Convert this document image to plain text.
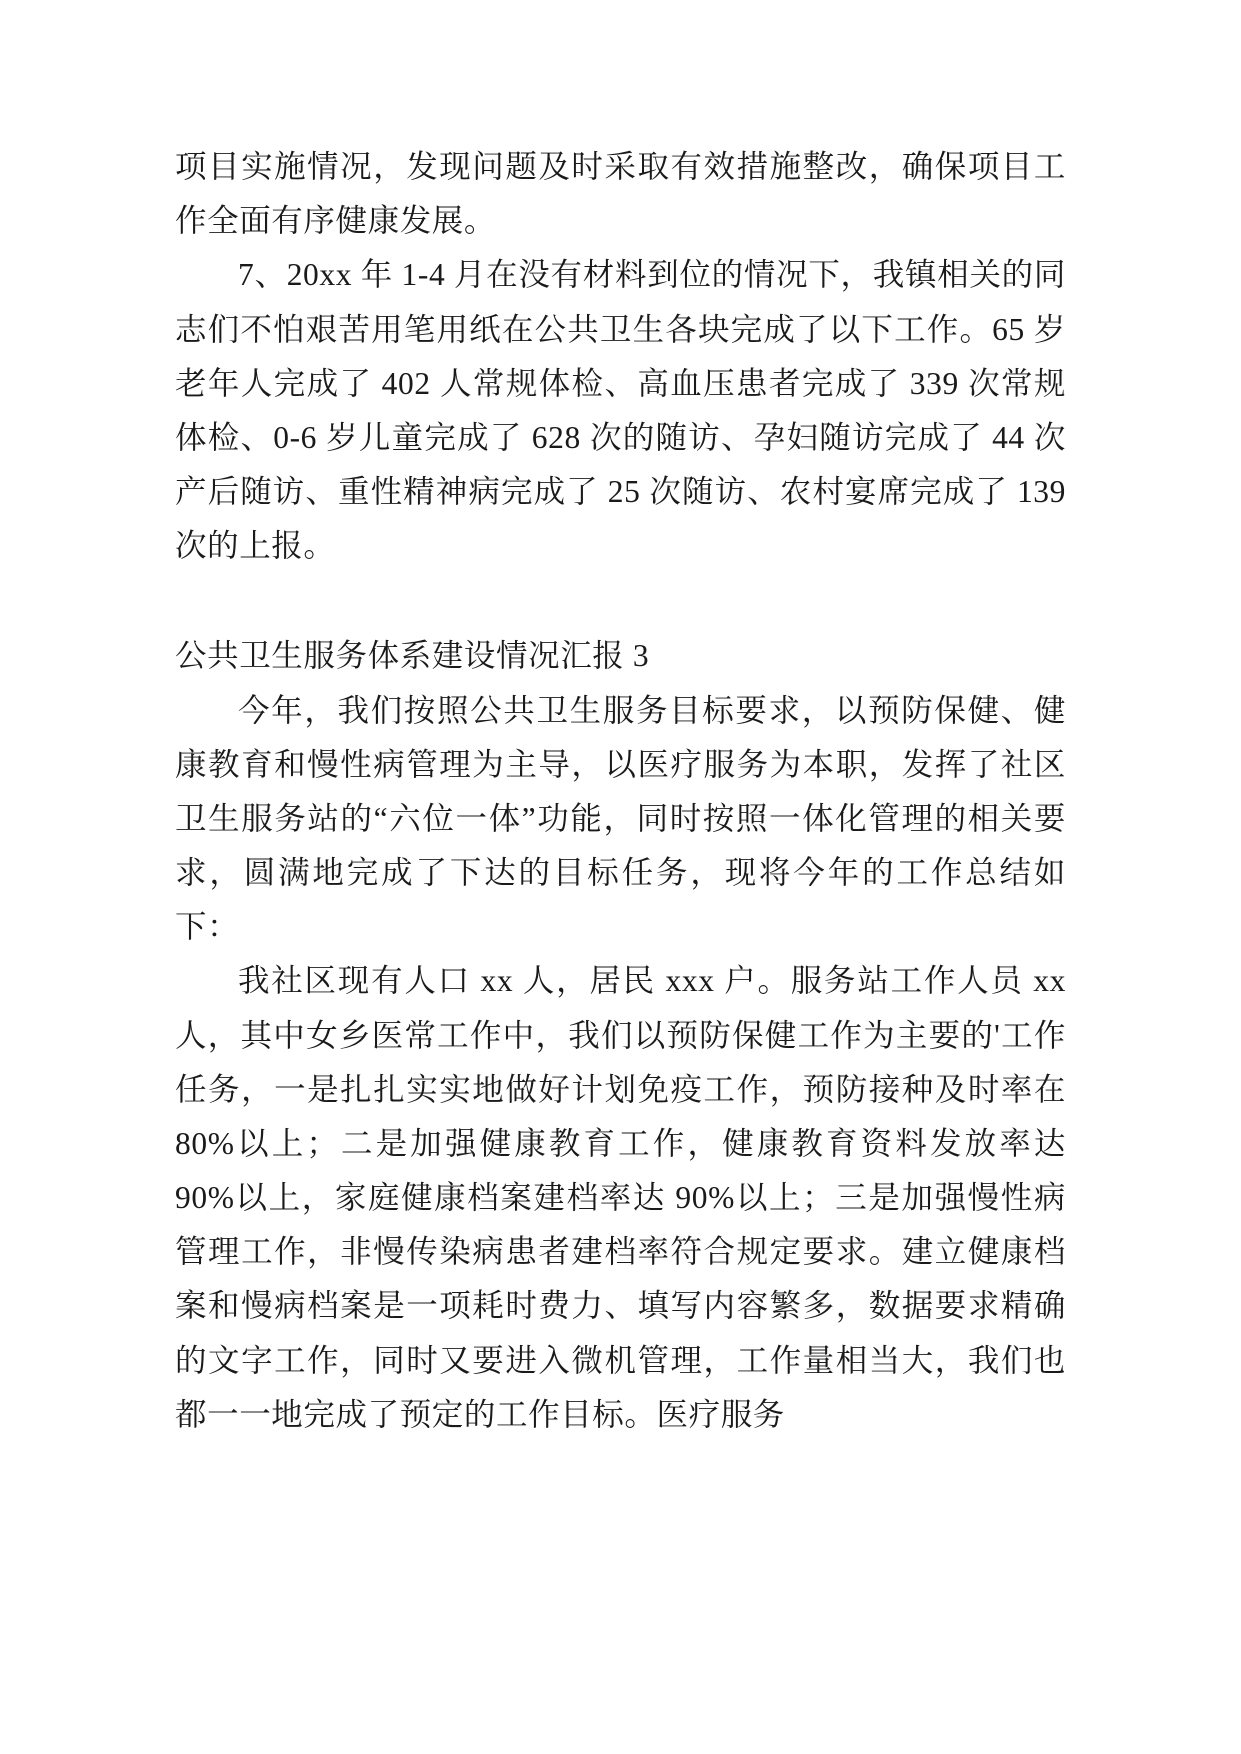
项目实施情况，发现问题及时采取有效措施整改，确保项目工作全面有序健康发展。

7、20xx 年 1-4 月在没有材料到位的情况下，我镇相关的同志们不怕艰苦用笔用纸在公共卫生各块完成了以下工作。65 岁老年人完成了 402 人常规体检、高血压患者完成了 339 次常规体检、0-6 岁儿童完成了 628 次的随访、孕妇随访完成了 44 次产后随访、重性精神病完成了 25 次随访、农村宴席完成了 139 次的上报。

公共卫生服务体系建设情况汇报 3

今年，我们按照公共卫生服务目标要求，以预防保健、健康教育和慢性病管理为主导，以医疗服务为本职，发挥了社区卫生服务站的“六位一体”功能，同时按照一体化管理的相关要求，圆满地完成了下达的目标任务，现将今年的工作总结如下：

我社区现有人口 xx 人，居民 xxx 户。服务站工作人员 xx 人，其中女乡医常工作中，我们以预防保健工作为主要的'工作任务，一是扎扎实实地做好计划免疫工作，预防接种及时率在 80%以上；二是加强健康教育工作，健康教育资料发放率达 90%以上，家庭健康档案建档率达 90%以上；三是加强慢性病管理工作，非慢传染病患者建档率符合规定要求。建立健康档案和慢病档案是一项耗时费力、填写内容繁多，数据要求精确的文字工作，同时又要进入微机管理，工作量相当大，我们也都一一地完成了预定的工作目标。医疗服务
